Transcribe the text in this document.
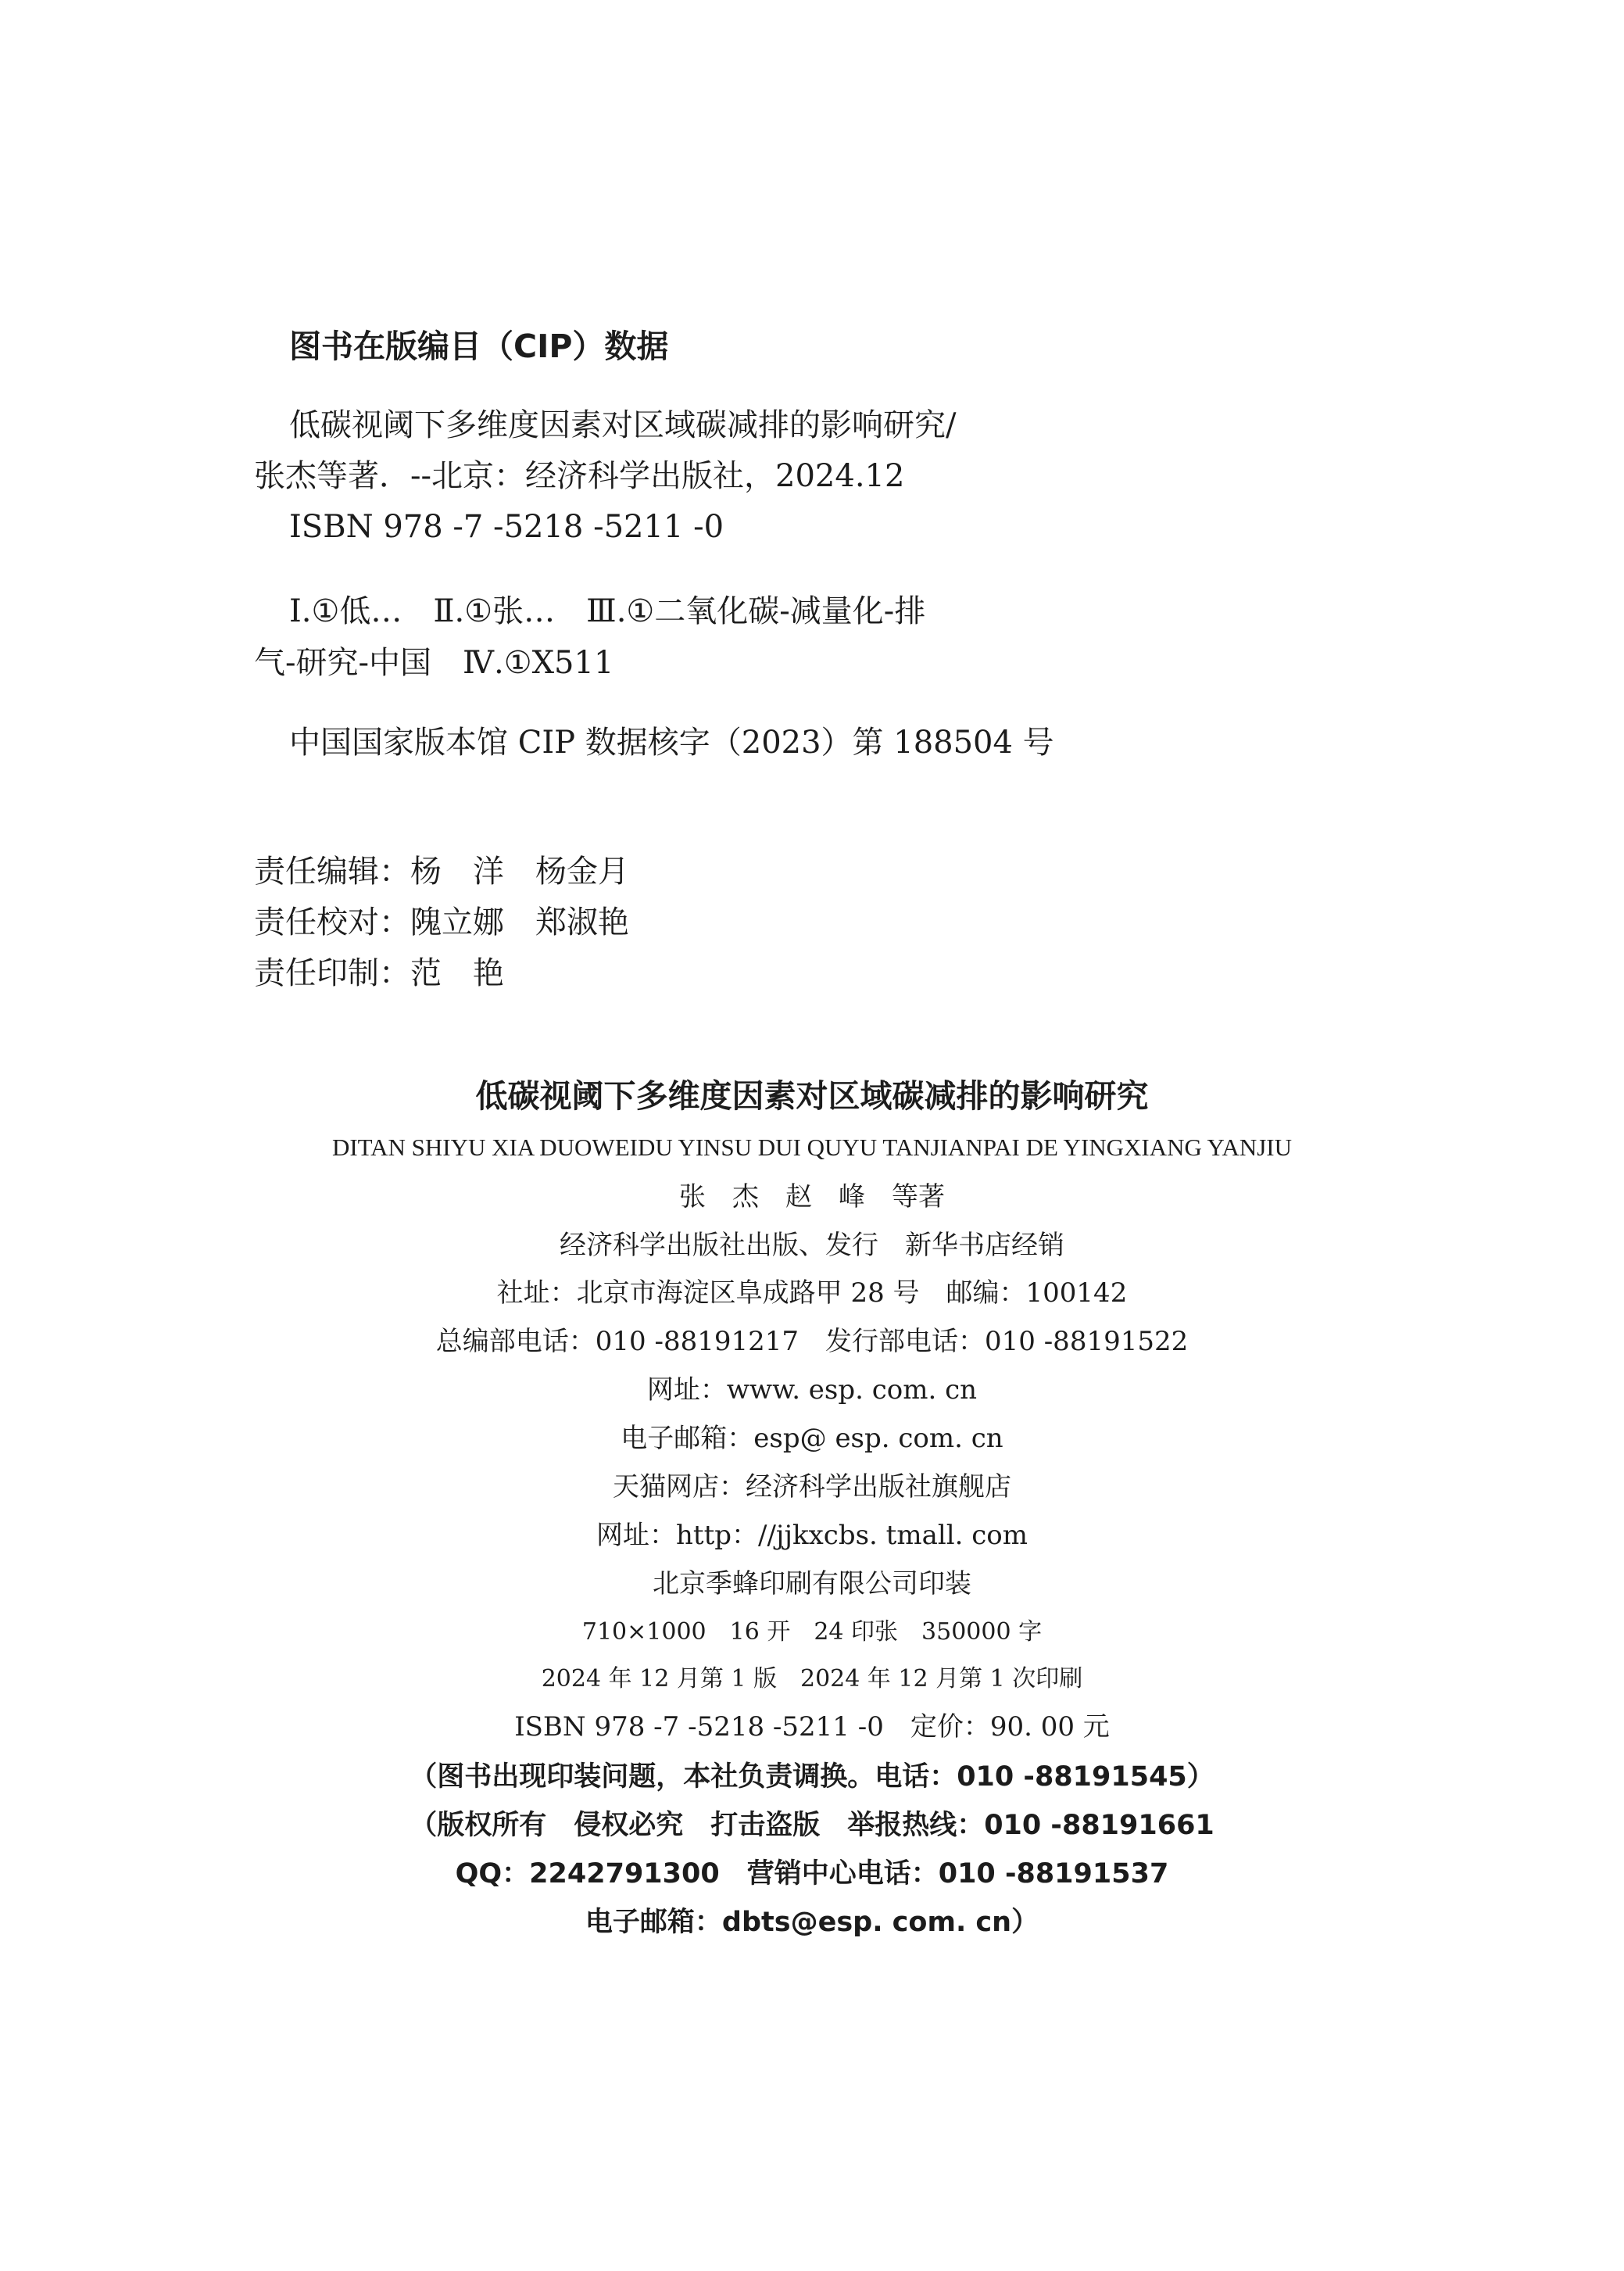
图书在版编目（CIP）数据
低碳视阈下多维度因素对区域碳减排的影响研究/
张杰等著．--北京：经济科学出版社，2024.12
ISBN 978 -7 -5218 -5211 -0
Ⅰ.①低…　Ⅱ.①张…　Ⅲ.①二氧化碳-减量化-排
气-研究-中国　Ⅳ.①X511
中国国家版本馆 CIP 数据核字（2023）第 188504 号
责任编辑：杨　洋　杨金月
责任校对：隗立娜　郑淑艳
责任印制：范　艳
低碳视阈下多维度因素对区域碳减排的影响研究
DITAN SHIYU XIA DUOWEIDU YINSU DUI QUYU TANJIANPAI DE YINGXIANG YANJIU
张　杰　赵　峰　等著
经济科学出版社出版、发行　新华书店经销
社址：北京市海淀区阜成路甲 28 号　邮编：100142
总编部电话：010 -88191217　发行部电话：010 -88191522
网址：www. esp. com. cn
电子邮箱：esp@ esp. com. cn
天猫网店：经济科学出版社旗舰店
网址：http：//jjkxcbs. tmall. com
北京季蜂印刷有限公司印装
710×1000　16 开　24 印张　350000 字
2024 年 12 月第 1 版　2024 年 12 月第 1 次印刷
ISBN 978 -7 -5218 -5211 -0　定价：90. 00 元
（图书出现印装问题，本社负责调换。电话：010 -88191545）
（版权所有　侵权必究　打击盗版　举报热线：010 -88191661
QQ：2242791300　营销中心电话：010 -88191537
电子邮箱：dbts@esp. com. cn）
